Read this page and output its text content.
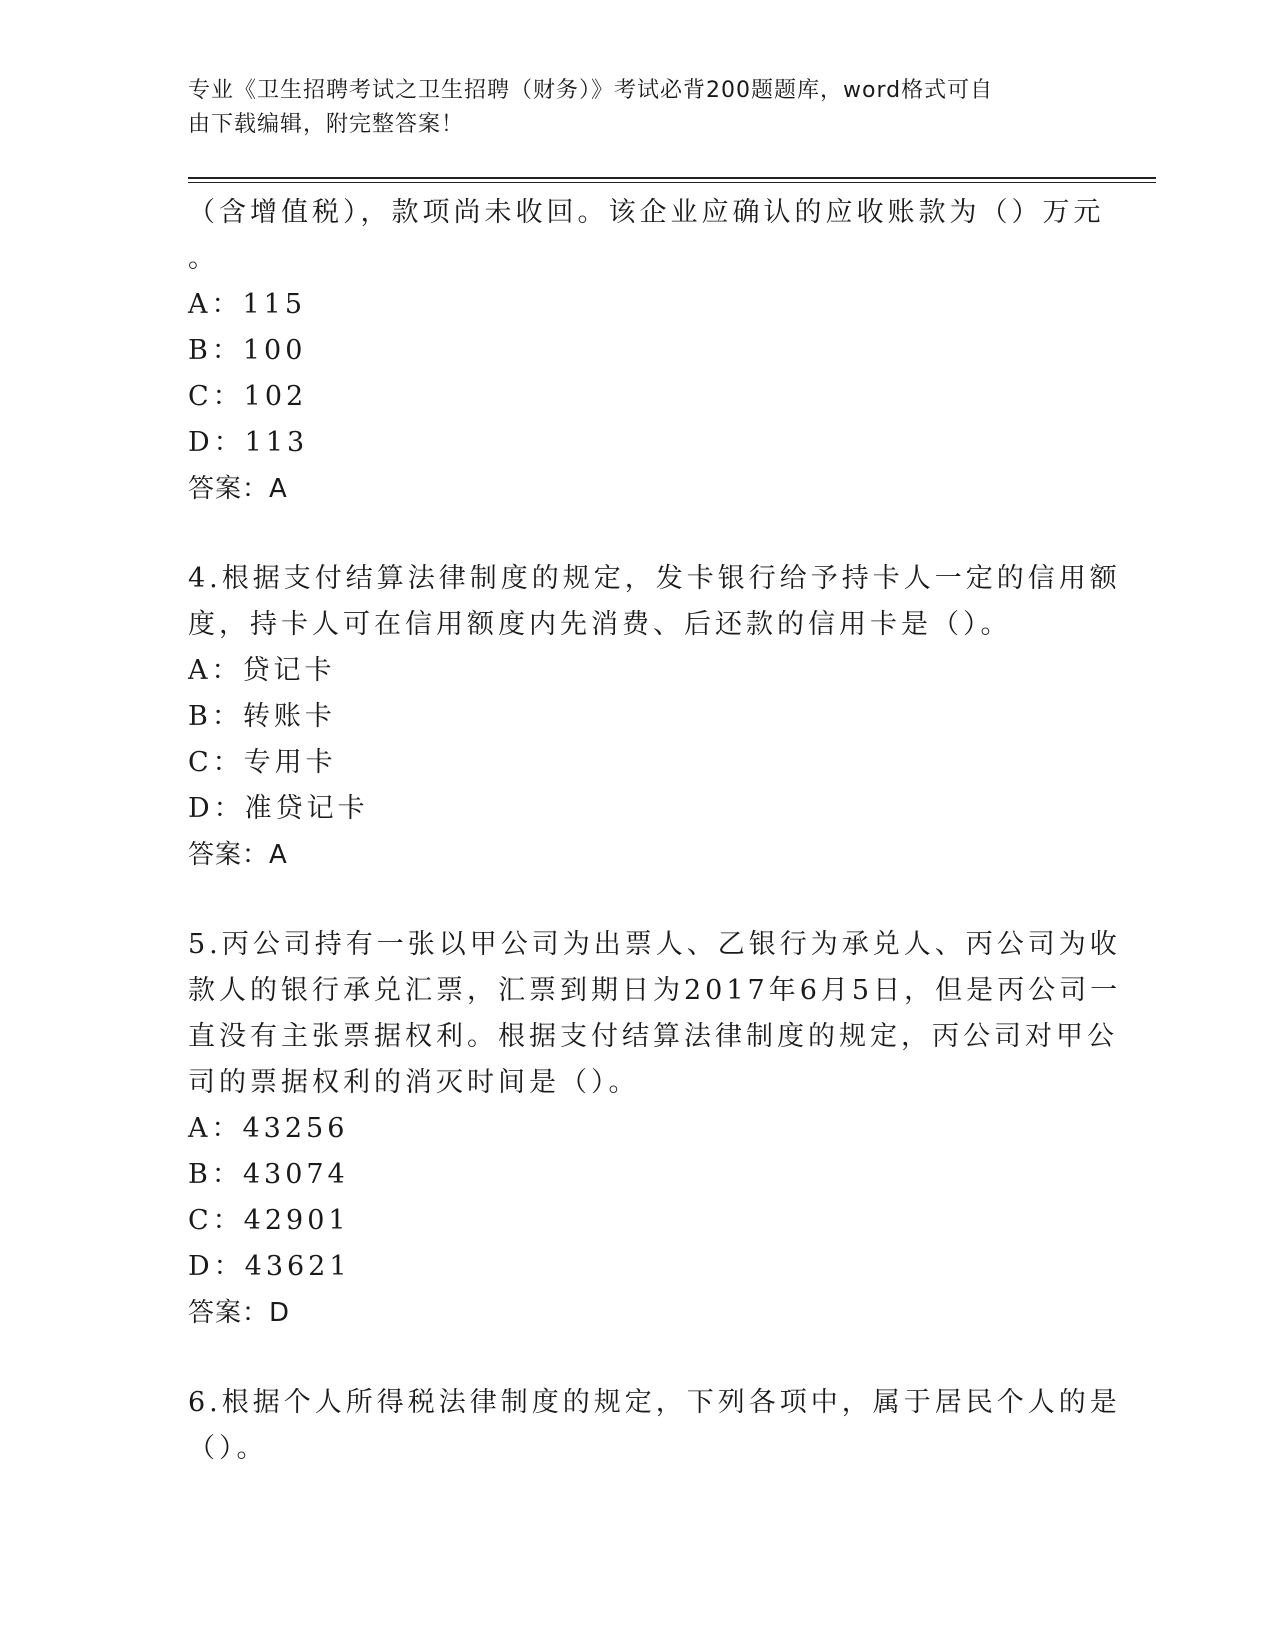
专业《卫生招聘考试之卫生招聘（财务）》考试必背200题题库，word格式可自
由下载编辑，附完整答案！
（含增值税），款项尚未收回。该企业应确认的应收账款为（）万元
。
A：115
B：100
C：102
D：113
答案：A
4.根据支付结算法律制度的规定，发卡银行给予持卡人一定的信用额
度，持卡人可在信用额度内先消费、后还款的信用卡是（）。
A：贷记卡
B：转账卡
C：专用卡
D：准贷记卡
答案：A
5.丙公司持有一张以甲公司为出票人、乙银行为承兑人、丙公司为收
款人的银行承兑汇票，汇票到期日为2017年6月5日，但是丙公司一
直没有主张票据权利。根据支付结算法律制度的规定，丙公司对甲公
司的票据权利的消灭时间是（）。
A：43256
B：43074
C：42901
D：43621
答案：D
6.根据个人所得税法律制度的规定，下列各项中，属于居民个人的是
（）。
